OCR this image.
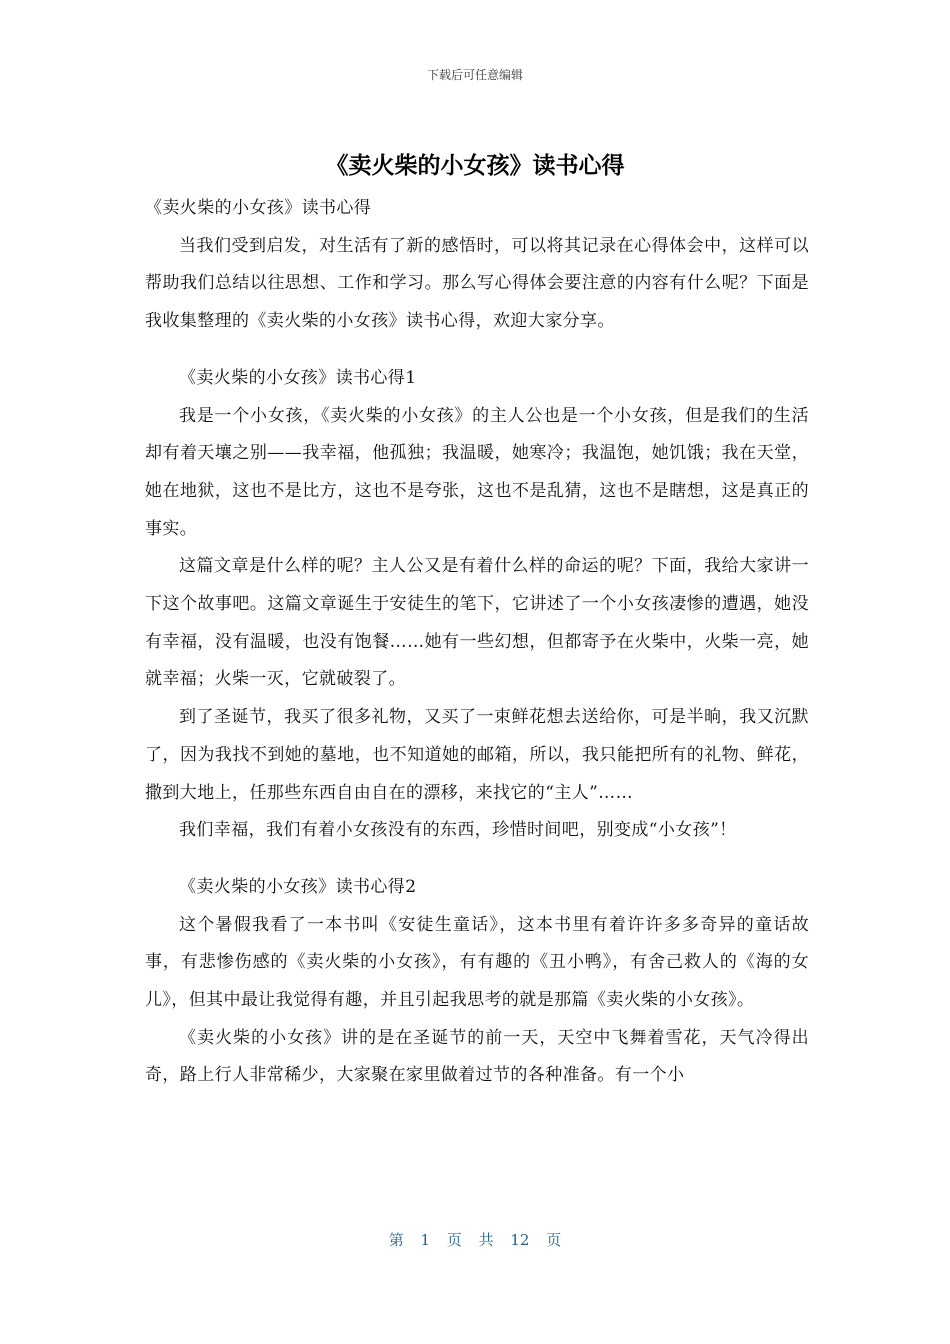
下载后可任意编辑
《卖火柴的小女孩》读书心得

《卖火柴的小女孩》读书心得

当我们受到启发，对生活有了新的感悟时，可以将其记录在心得体会中，这样可以帮助我们总结以往思想、工作和学习。那么写心得体会要注意的内容有什么呢？下面是我收集整理的《卖火柴的小女孩》读书心得，欢迎大家分享。

《卖火柴的小女孩》读书心得1

我是一个小女孩，《卖火柴的小女孩》的主人公也是一个小女孩，但是我们的生活却有着天壤之别——我幸福，他孤独；我温暖，她寒冷；我温饱，她饥饿；我在天堂，她在地狱，这也不是比方，这也不是夸张，这也不是乱猜，这也不是瞎想，这是真正的事实。

这篇文章是什么样的呢？主人公又是有着什么样的命运的呢？下面，我给大家讲一下这个故事吧。这篇文章诞生于安徒生的笔下，它讲述了一个小女孩凄惨的遭遇，她没有幸福，没有温暖，也没有饱餐……她有一些幻想，但都寄予在火柴中，火柴一亮，她就幸福；火柴一灭，它就破裂了。

到了圣诞节，我买了很多礼物，又买了一束鲜花想去送给你，可是半晌，我又沉默了，因为我找不到她的墓地，也不知道她的邮箱，所以，我只能把所有的礼物、鲜花，撒到大地上，任那些东西自由自在的漂移，来找它的“主人”……

我们幸福，我们有着小女孩没有的东西，珍惜时间吧，别变成“小女孩”！

《卖火柴的小女孩》读书心得2

这个暑假我看了一本书叫《安徒生童话》，这本书里有着许许多多奇异的童话故事，有悲惨伤感的《卖火柴的小女孩》，有有趣的《丑小鸭》，有舍己救人的《海的女儿》，但其中最让我觉得有趣，并且引起我思考的就是那篇《卖火柴的小女孩》。

《卖火柴的小女孩》讲的是在圣诞节的前一天，天空中飞舞着雪花，天气冷得出奇，路上行人非常稀少，大家聚在家里做着过节的各种准备。有一个小

第 1 页 共 12 页
